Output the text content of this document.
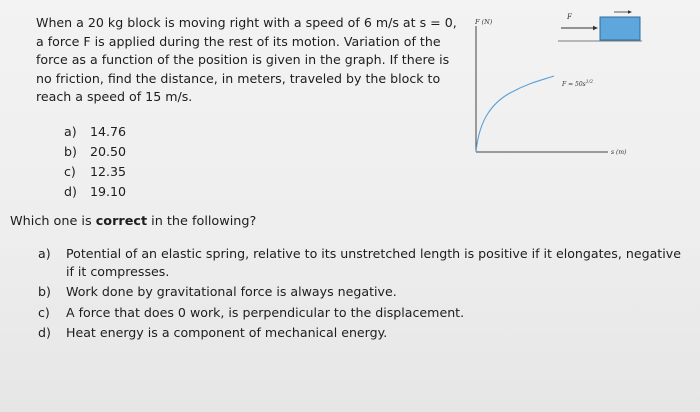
When a 20 kg block is moving right with a speed of 6 m/s at s = 0,
a force F is applied during the rest of its motion. Variation of the
force as a function of the position is given in the graph. If there is
no friction, find the distance, in meters, traveled by the block to
reach a speed of 15 m/s.
a)	14.76
b)	20.50
c)	12.35
d)	19.10
F
F (N)
s (m)
$F = 50s^{1/2}$
Which one is correct in the following?
a)	Potential of an elastic spring, relative to its unstretched length is positive if it elongates, negative
if it compresses.
b)	Work done by gravitational force is always negative.
c)	A force that does 0 work, is perpendicular to the displacement.
d)	Heat energy is a component of mechanical energy.
